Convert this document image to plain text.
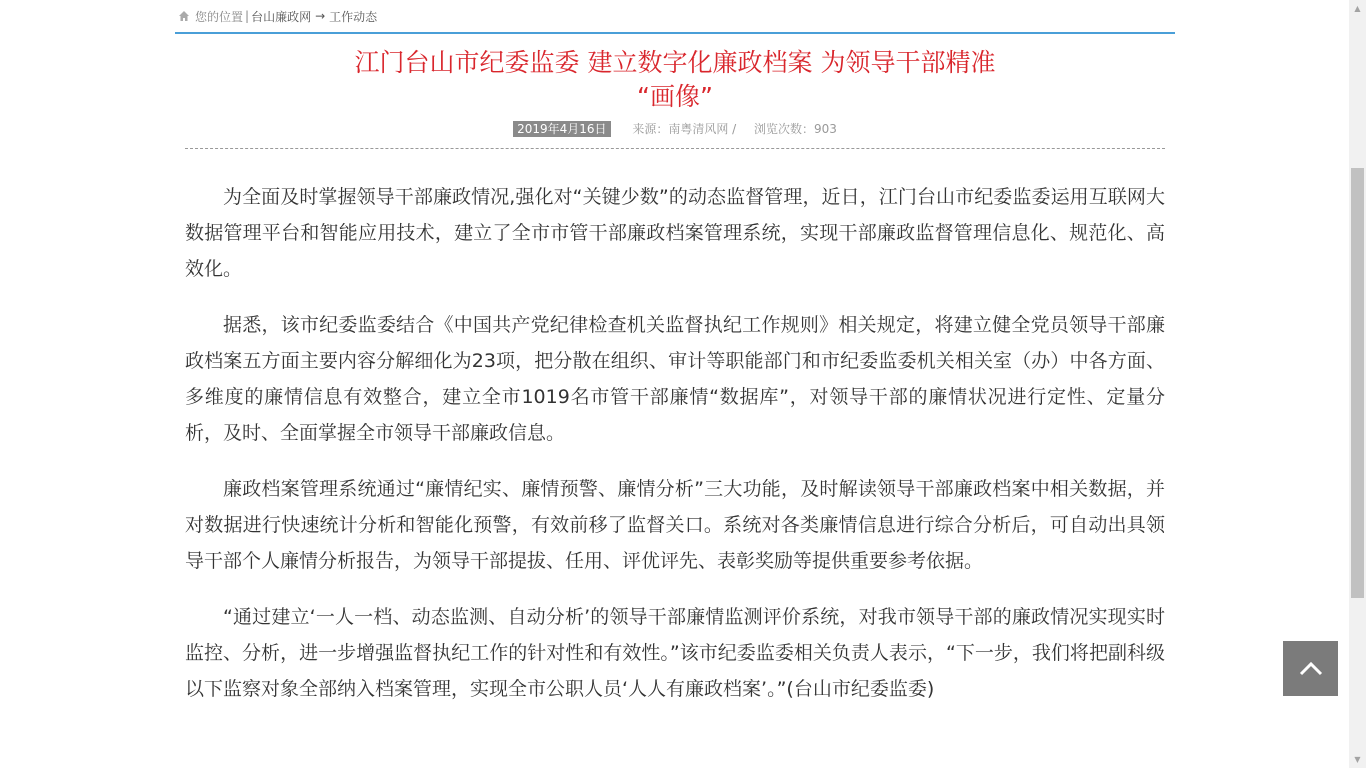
您的位置 | 台山廉政网 → 工作动态
江门台山市纪委监委 建立数字化廉政档案 为领导干部精准
“画像”
2019年4月16日 来源：南粤清风网 / 浏览次数：903

为全面及时掌握领导干部廉政情况,强化对“关键少数”的动态监督管理，近日，江门台山市纪委监委运用互联网大数据管理平台和智能应用技术，建立了全市市管干部廉政档案管理系统，实现干部廉政监督管理信息化、规范化、高效化。

据悉，该市纪委监委结合《中国共产党纪律检查机关监督执纪工作规则》相关规定，将建立健全党员领导干部廉政档案五方面主要内容分解细化为23项，把分散在组织、审计等职能部门和市纪委监委机关相关室（办）中各方面、多维度的廉情信息有效整合，建立全市1019名市管干部廉情“数据库”，对领导干部的廉情状况进行定性、定量分析，及时、全面掌握全市领导干部廉政信息。

廉政档案管理系统通过“廉情纪实、廉情预警、廉情分析”三大功能，及时解读领导干部廉政档案中相关数据，并对数据进行快速统计分析和智能化预警，有效前移了监督关口。系统对各类廉情信息进行综合分析后，可自动出具领导干部个人廉情分析报告，为领导干部提拔、任用、评优评先、表彰奖励等提供重要参考依据。

“通过建立‘一人一档、动态监测、自动分析’的领导干部廉情监测评价系统，对我市领导干部的廉政情况实现实时监控、分析，进一步增强监督执纪工作的针对性和有效性。”该市纪委监委相关负责人表示，“下一步，我们将把副科级以下监察对象全部纳入档案管理，实现全市公职人员‘人人有廉政档案’。”(台山市纪委监委)

▲
▼
